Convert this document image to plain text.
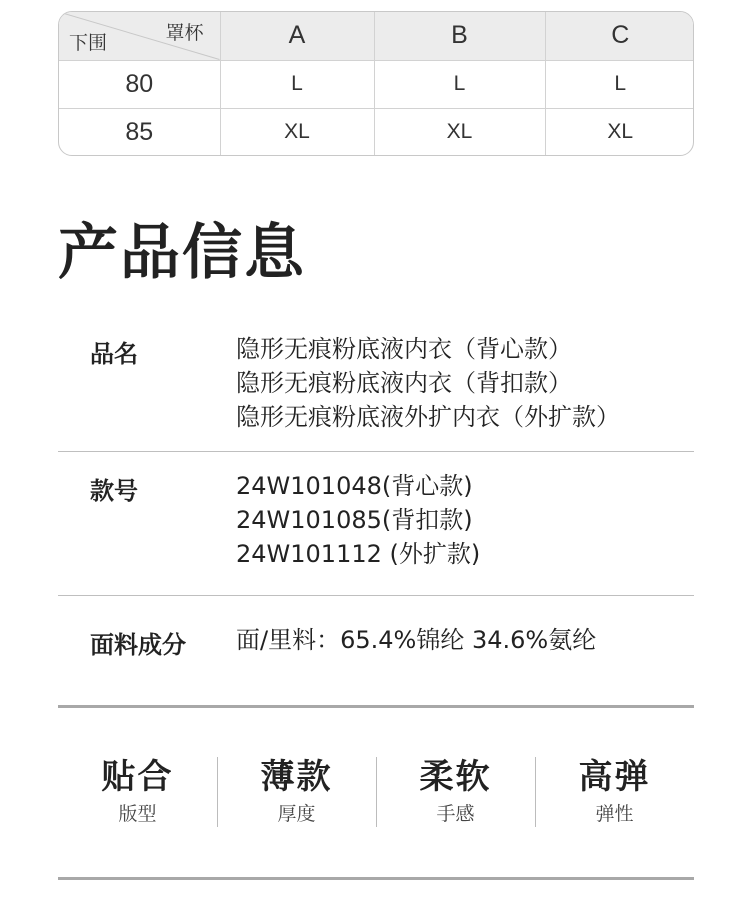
罩杯
下围	A	B	C
80	L	L	L
85	XL	XL	XL
产品信息
品名	隐形无痕粉底液内衣（背心款）
隐形无痕粉底液内衣（背扣款）
隐形无痕粉底液外扩内衣（外扩款）
款号	24W101048(背心款)
24W101085(背扣款)
24W101112 (外扩款)
面料成分 面/里料：65.4%锦纶 34.6%氨纶
贴合
版型
薄款
厚度
柔软
手感
高弹
弹性
